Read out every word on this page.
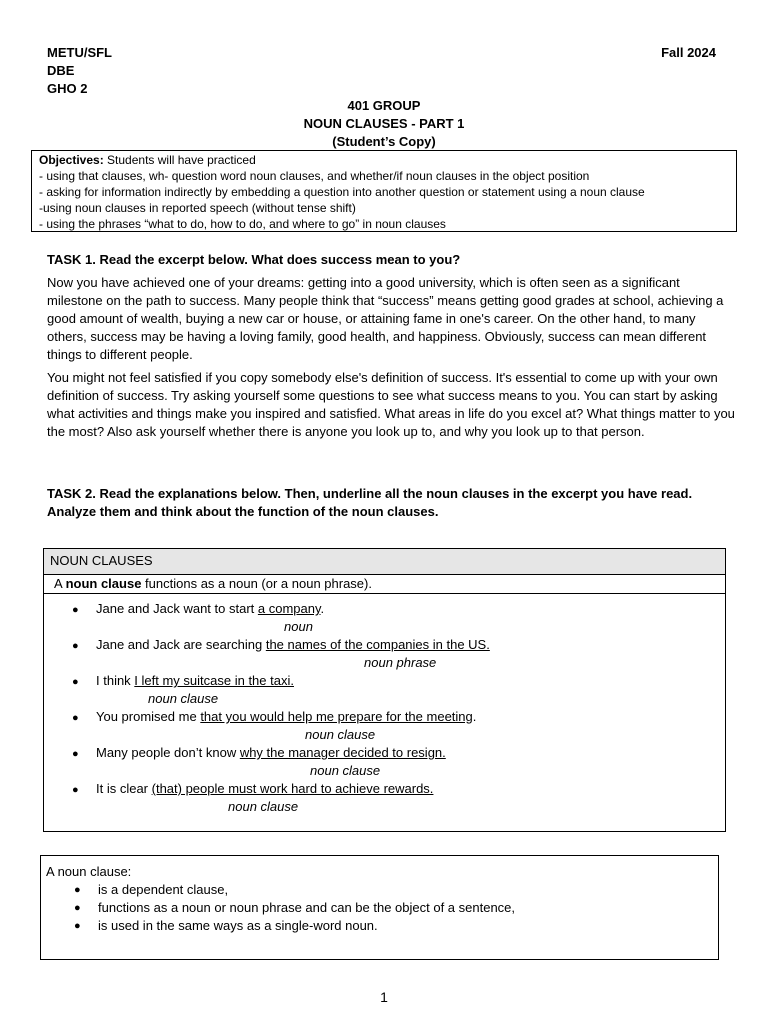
METU/SFL
DBE
GHO 2
Fall 2024
401 GROUP
NOUN CLAUSES - PART 1
(Student’s Copy)
Objectives: Students will have practiced
- using that clauses, wh- question word noun clauses, and whether/if noun clauses in the object position
- asking for information indirectly by embedding a question into another question or statement using a noun clause
-using noun clauses in reported speech (without tense shift)
- using the phrases “what to do, how to do, and where to go” in noun clauses
TASK 1. Read the excerpt below. What does success mean to you?
Now you have achieved one of your dreams: getting into a good university, which is often seen as a significant milestone on the path to success. Many people think that “success” means getting good grades at school, achieving a good amount of wealth, buying a new car or house, or attaining fame in one's career. On the other hand, to many others, success may be having a loving family, good health, and happiness. Obviously, success can mean different things to different people.
You might not feel satisfied if you copy somebody else's definition of success. It's essential to come up with your own definition of success. Try asking yourself some questions to see what success means to you. You can start by asking what activities and things make you inspired and satisfied. What areas in life do you excel at? What things matter to you the most? Also ask yourself whether there is anyone you look up to, and why you look up to that person.
TASK 2. Read the explanations below. Then, underline all the noun clauses in the excerpt you have read.
Analyze them and think about the function of the noun clauses.
NOUN CLAUSES
A noun clause functions as a noun (or a noun phrase).
● Jane and Jack want to start a company.
noun
● Jane and Jack are searching the names of the companies in the US.
noun phrase
● I think I left my suitcase in the taxi.
noun clause
● You promised me that you would help me prepare for the meeting.
noun clause
● Many people don’t know why the manager decided to resign.
noun clause
● It is clear (that) people must work hard to achieve rewards.
noun clause
A noun clause:
● is a dependent clause,
● functions as a noun or noun phrase and can be the object of a sentence,
● is used in the same ways as a single-word noun.
1
